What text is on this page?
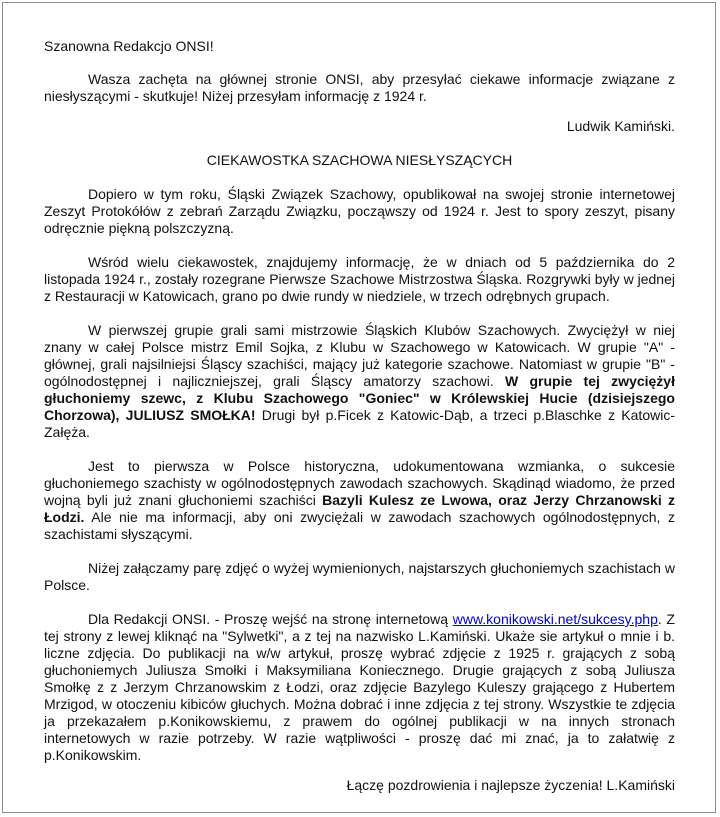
Szanowna Redakcjo ONSI!

Wasza zachęta na głównej stronie ONSI, aby przesyłać ciekawe informacje związane z niesłyszącymi - skutkuje! Niżej przesyłam informację z 1924 r.

Ludwik Kamiński.

CIEKAWOSTKA SZACHOWA NIESŁYSZĄCYCH

Dopiero w tym roku, Śląski Związek Szachowy, opublikował na swojej stronie internetowej Zeszyt Protokółów z zebrań Zarządu Związku, począwszy od 1924 r. Jest to spory zeszyt, pisany odręcznie piękną polszczyzną.

Wśród wielu ciekawostek, znajdujemy informację, że w dniach od 5 października do 2 listopada 1924 r., zostały rozegrane Pierwsze Szachowe Mistrzostwa Śląska. Rozgrywki były w jednej z Restauracji w Katowicach, grano po dwie rundy w niedziele, w trzech odrębnych grupach.

W pierwszej grupie grali sami mistrzowie Śląskich Klubów Szachowych. Zwyciężył w niej znany w całej Polsce mistrz Emil Sojka, z Klubu w Szachowego w Katowicach. W grupie "A" - głównej, grali najsilniejsi Śląscy szachiści, mający już kategorie szachowe. Natomiast w grupie "B" - ogólnodostępnej i najliczniejszej, grali Śląscy amatorzy szachowi. W grupie tej zwyciężył głuchoniemy szewc, z Klubu Szachowego "Goniec" w Królewskiej Hucie (dzisiejszego Chorzowa), JULIUSZ SMOŁKA! Drugi był p.Ficek z Katowic-Dąb, a trzeci p.Blaschke z Katowic-Załęża.

Jest to pierwsza w Polsce historyczna, udokumentowana wzmianka, o sukcesie głuchoniemego szachisty w ogólnodostępnych zawodach szachowych. Skądinąd wiadomo, że przed wojną byli już znani głuchoniemi szachiści Bazyli Kulesz ze Lwowa, oraz Jerzy Chrzanowski z Łodzi. Ale nie ma informacji, aby oni zwyciężali w zawodach szachowych ogólnodostępnych, z szachistami słyszącymi.

Niżej załączamy parę zdjęć o wyżej wymienionych, najstarszych głuchoniemych szachistach w Polsce.

Dla Redakcji ONSI. - Proszę wejść na stronę internetową www.konikowski.net/sukcesy.php. Z tej strony z lewej kliknąć na "Sylwetki", a z tej na nazwisko L.Kamiński. Ukaże sie artykuł o mnie i b. liczne zdjęcia. Do publikacji na w/w artykuł, proszę wybrać zdjęcie z 1925 r. grających z sobą głuchoniemych Juliusza Smołki i Maksymiliana Koniecznego. Drugie grających z sobą Juliusza Smołkę z z Jerzym Chrzanowskim z Łodzi, oraz zdjęcie Bazylego Kuleszy grającego z Hubertem Mrzigod, w otoczeniu kibiców głuchych. Można dobrać i inne zdjęcia z tej strony. Wszystkie te zdjęcia ja przekazałem p.Konikowskiemu, z prawem do ogólnej publikacji w na innych stronach internetowych w razie potrzeby. W razie wątpliwości - proszę dać mi znać, ja to załatwię z p.Konikowskim.

Łączę pozdrowienia i najlepsze życzenia! L.Kamiński
